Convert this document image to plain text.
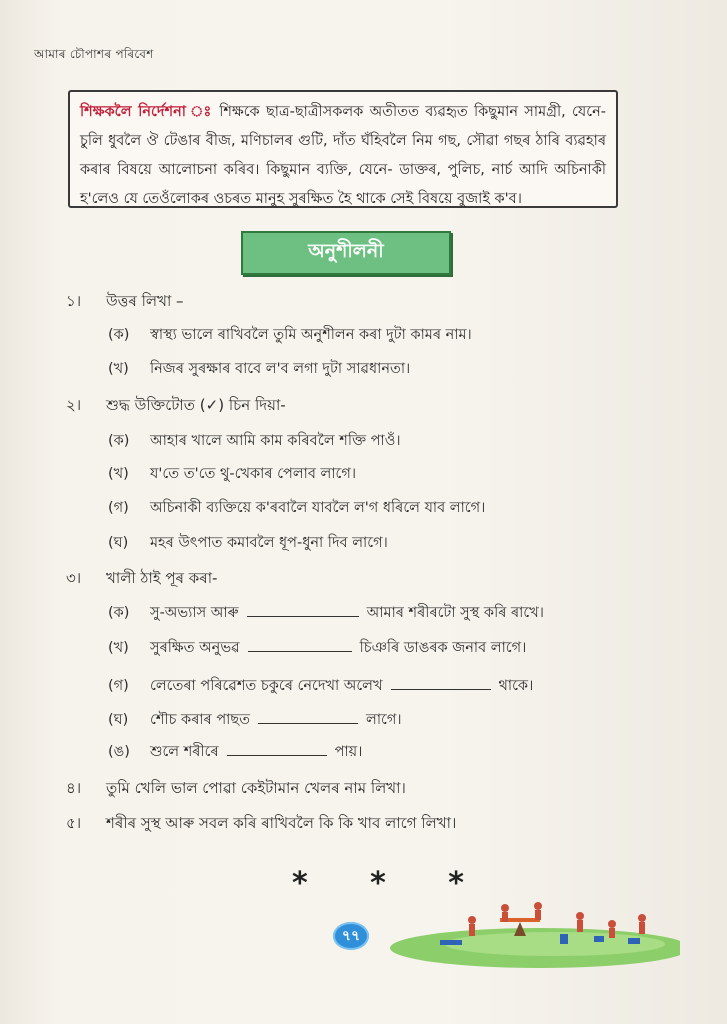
আমাৰ চৌপাশৰ পৰিবেশ
শিক্ষকলৈ নিৰ্দেশনা ঃ শিক্ষকে ছাত্ৰ-ছাত্ৰীসকলক অতীতত ব্যৱহৃত কিছুমান সামগ্ৰী, যেনে- চুলি ধুবলৈ ঔ টেঙাৰ বীজ, মণিচালৰ গুটি, দাঁত ঘঁহিবলৈ নিম গছ, সৌৱা গছৰ ঠাৰি ব্যৱহাৰ কৰাৰ বিষয়ে আলোচনা কৰিব। কিছুমান ব্যক্তি, যেনে- ডাক্তৰ, পুলিচ, নাৰ্চ আদি অচিনাকী হ'লেও যে তেওঁলোকৰ ওচৰত মানুহ সুৰক্ষিত হৈ থাকে সেই বিষয়ে বুজাই ক'ব।
অনুশীলনী
১। উত্তৰ লিখা –
(ক) স্বাস্থ্য ভালে ৰাখিবলৈ তুমি অনুশীলন কৰা দুটা কামৰ নাম।
(খ) নিজৰ সুৰক্ষাৰ বাবে ল'ব লগা দুটা সাৱধানতা।
২। শুদ্ধ উক্তিটোত (✓) চিন দিয়া-
(ক) আহাৰ খালে আমি কাম কৰিবলৈ শক্তি পাওঁ।
(খ) য'তে ত'তে থু-খেকাৰ পেলাব লাগে।
(গ) অচিনাকী ব্যক্তিয়ে ক'ৰবালৈ যাবলৈ ল'গ ধৰিলে যাব লাগে।
(ঘ) মহৰ উৎপাত কমাবলৈ ধূপ-ধুনা দিব লাগে।
৩। খালী ঠাই পূৰ কৰা-
(ক) সু-অভ্যাস আৰু	আমাৰ শৰীৰটো সুস্থ কৰি ৰাখে।
(খ) সুৰক্ষিত অনুভৱ	চিঞৰি ডাঙৰক জনাব লাগে।
(গ) লেতেৰা পৰিৱেশত চকুৰে নেদেখা অলেখ	থাকে।
(ঘ) শৌচ কৰাৰ পাছত	লাগে।
(ঙ) শুলে শৰীৰে	পায়।
৪। তুমি খেলি ভাল পোৱা কেইটামান খেলৰ নাম লিখা।
৫। শৰীৰ সুস্থ আৰু সবল কৰি ৰাখিবলৈ কি কি খাব লাগে লিখা।
* * *
৭৭
